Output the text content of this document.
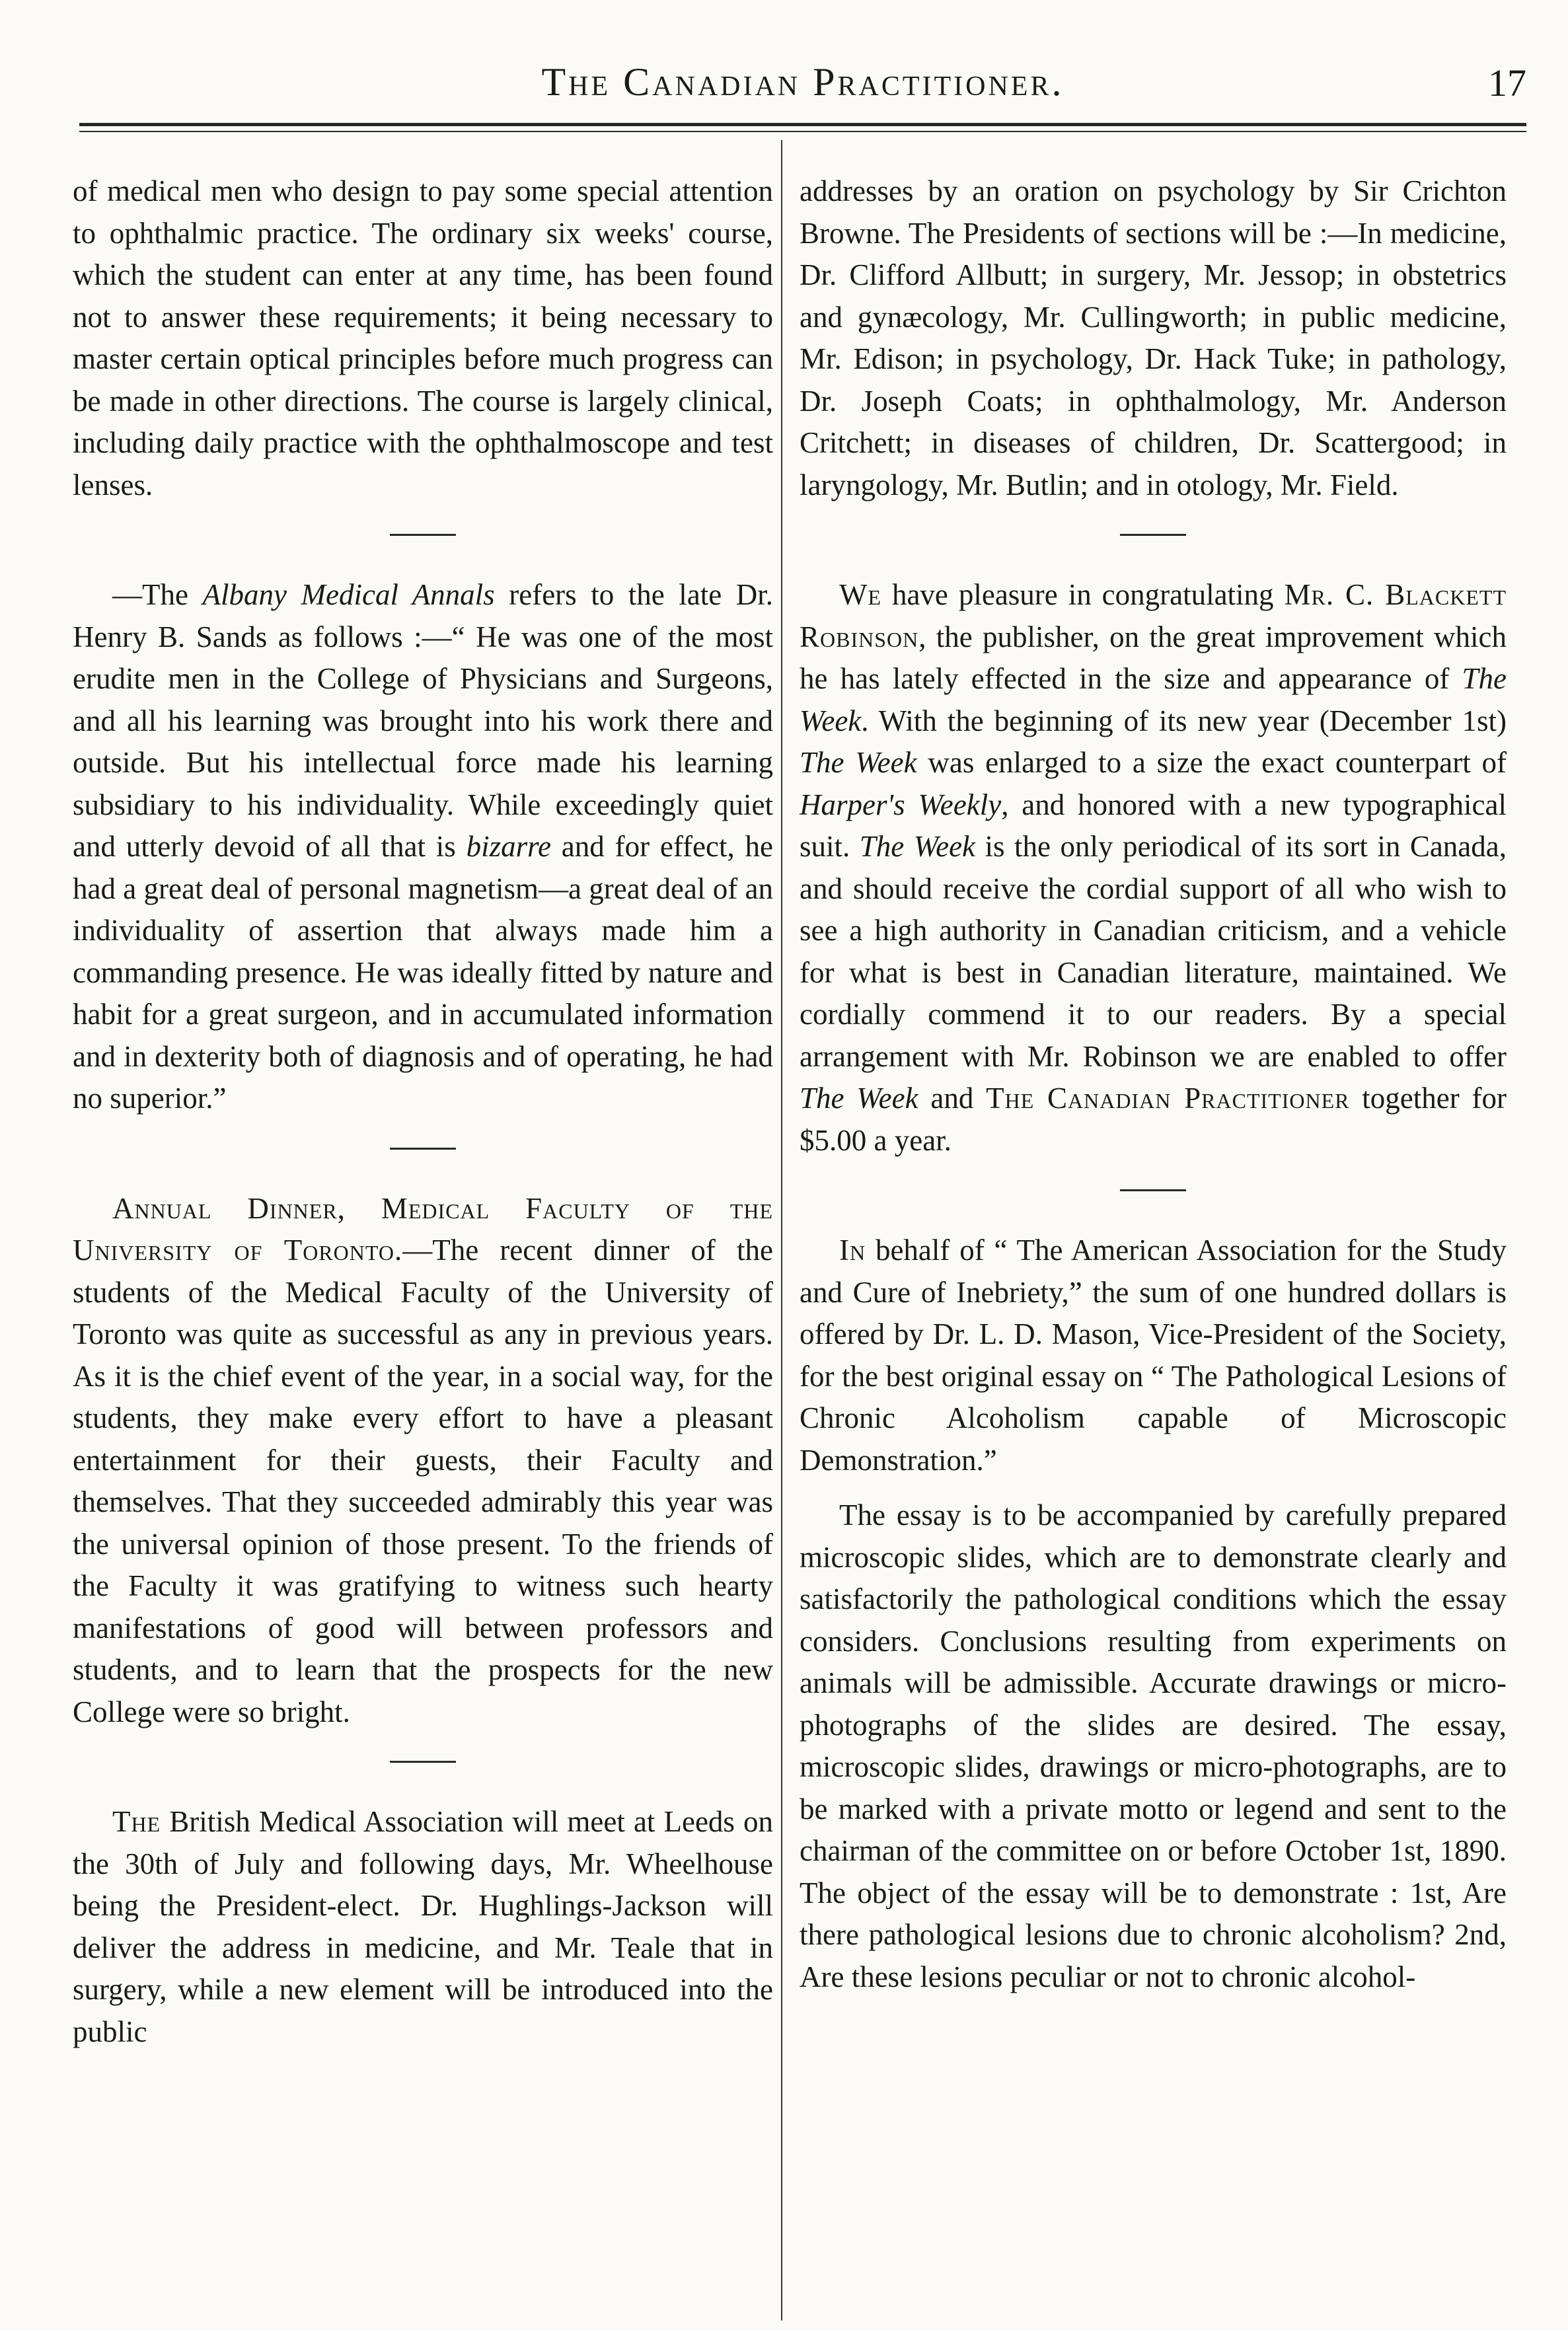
The Canadian Practitioner.	17

of medical men who design to pay some special attention to ophthalmic practice. The ordinary six weeks' course, which the student can enter at any time, has been found not to answer these requirements; it being necessary to master certain optical principles before much progress can be made in other directions. The course is largely clinical, including daily practice with the ophthalmoscope and test lenses.

—The Albany Medical Annals refers to the late Dr. Henry B. Sands as follows :—“ He was one of the most erudite men in the College of Physicians and Surgeons, and all his learning was brought into his work there and outside. But his intellectual force made his learning subsidiary to his individuality. While exceedingly quiet and utterly devoid of all that is bizarre and for effect, he had a great deal of personal magnetism—a great deal of an individuality of assertion that always made him a commanding presence. He was ideally fitted by nature and habit for a great surgeon, and in accumulated information and in dexterity both of diagnosis and of operating, he had no superior.”

Annual Dinner, Medical Faculty of the University of Toronto.—The recent dinner of the students of the Medical Faculty of the University of Toronto was quite as successful as any in previous years. As it is the chief event of the year, in a social way, for the students, they make every effort to have a pleasant entertainment for their guests, their Faculty and themselves. That they succeeded admirably this year was the universal opinion of those present. To the friends of the Faculty it was gratifying to witness such hearty manifestations of good will between professors and students, and to learn that the prospects for the new College were so bright.

The British Medical Association will meet at Leeds on the 30th of July and following days, Mr. Wheelhouse being the President-elect. Dr. Hughlings-Jackson will deliver the address in medicine, and Mr. Teale that in surgery, while a new element will be introduced into the public

addresses by an oration on psychology by Sir Crichton Browne. The Presidents of sections will be :—In medicine, Dr. Clifford Allbutt; in surgery, Mr. Jessop; in obstetrics and gynæcology, Mr. Cullingworth; in public medicine, Mr. Edison; in psychology, Dr. Hack Tuke; in pathology, Dr. Joseph Coats; in ophthalmology, Mr. Anderson Critchett; in diseases of children, Dr. Scattergood; in laryngology, Mr. Butlin; and in otology, Mr. Field.

We have pleasure in congratulating Mr. C. Blackett Robinson, the publisher, on the great improvement which he has lately effected in the size and appearance of The Week. With the beginning of its new year (December 1st) The Week was enlarged to a size the exact counterpart of Harper's Weekly, and honored with a new typographical suit. The Week is the only periodical of its sort in Canada, and should receive the cordial support of all who wish to see a high authority in Canadian criticism, and a vehicle for what is best in Canadian literature, maintained. We cordially commend it to our readers. By a special arrangement with Mr. Robinson we are enabled to offer The Week and The Canadian Practitioner together for $5.00 a year.

In behalf of “ The American Association for the Study and Cure of Inebriety,” the sum of one hundred dollars is offered by Dr. L. D. Mason, Vice-President of the Society, for the best original essay on “ The Pathological Lesions of Chronic Alcoholism capable of Microscopic Demonstration.”

The essay is to be accompanied by carefully prepared microscopic slides, which are to demonstrate clearly and satisfactorily the pathological conditions which the essay considers. Conclusions resulting from experiments on animals will be admissible. Accurate drawings or micro-photographs of the slides are desired. The essay, microscopic slides, drawings or micro-photographs, are to be marked with a private motto or legend and sent to the chairman of the committee on or before October 1st, 1890. The object of the essay will be to demonstrate : 1st, Are there pathological lesions due to chronic alcoholism? 2nd, Are these lesions peculiar or not to chronic alcohol-
